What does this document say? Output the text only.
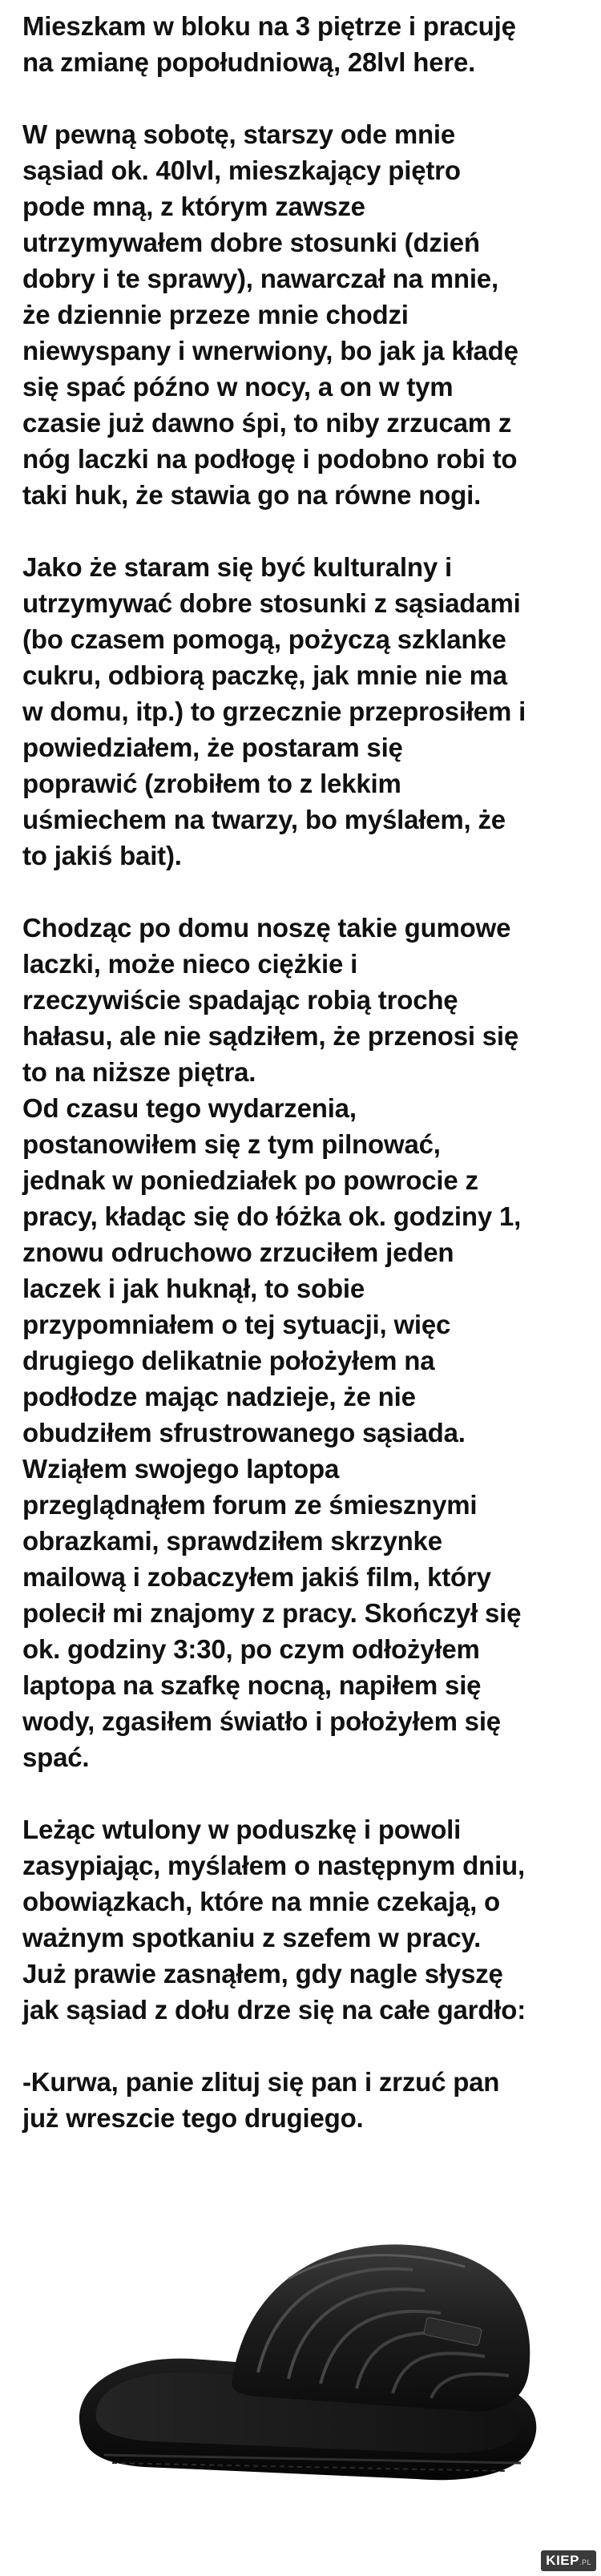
Mieszkam w bloku na 3 piętrze i pracuję
na zmianę popołudniową, 28lvl here.

W pewną sobotę, starszy ode mnie
sąsiad ok. 40lvl, mieszkający piętro
pode mną, z którym zawsze
utrzymywałem dobre stosunki (dzień
dobry i te sprawy), nawarczał na mnie,
że dziennie przeze mnie chodzi
niewyspany i wnerwiony, bo jak ja kładę
się spać późno w nocy, a on w tym
czasie już dawno śpi, to niby zrzucam z
nóg laczki na podłogę i podobno robi to
taki huk, że stawia go na równe nogi.

Jako że staram się być kulturalny i
utrzymywać dobre stosunki z sąsiadami
(bo czasem pomogą, pożyczą szklanke
cukru, odbiorą paczkę, jak mnie nie ma
w domu, itp.) to grzecznie przeprosiłem i
powiedziałem, że postaram się
poprawić (zrobiłem to z lekkim
uśmiechem na twarzy, bo myślałem, że
to jakiś bait).

Chodząc po domu noszę takie gumowe
laczki, może nieco ciężkie i
rzeczywiście spadając robią trochę
hałasu, ale nie sądziłem, że przenosi się
to na niższe piętra.

Od czasu tego wydarzenia,
postanowiłem się z tym pilnować,
jednak w poniedziałek po powrocie z
pracy, kładąc się do łóżka ok. godziny 1,
znowu odruchowo zrzuciłem jeden
laczek i jak huknął, to sobie
przypomniałem o tej sytuacji, więc
drugiego delikatnie położyłem na
podłodze mając nadzieje, że nie
obudziłem sfrustrowanego sąsiada.
Wziąłem swojego laptopa
przeglądnąłem forum ze śmiesznymi
obrazkami, sprawdziłem skrzynke
mailową i zobaczyłem jakiś film, który
polecił mi znajomy z pracy. Skończył się
ok. godziny 3:30, po czym odłożyłem
laptopa na szafkę nocną, napiłem się
wody, zgasiłem światło i położyłem się
spać.

Leżąc wtulony w poduszkę i powoli
zasypiając, myślałem o następnym dniu,
obowiązkach, które na mnie czekają, o
ważnym spotkaniu z szefem w pracy.
Już prawie zasnąłem, gdy nagle słyszę
jak sąsiad z dołu drze się na całe gardło:

-Kurwa, panie zlituj się pan i zrzuć pan
już wreszcie tego drugiego.

KIEP.PL
